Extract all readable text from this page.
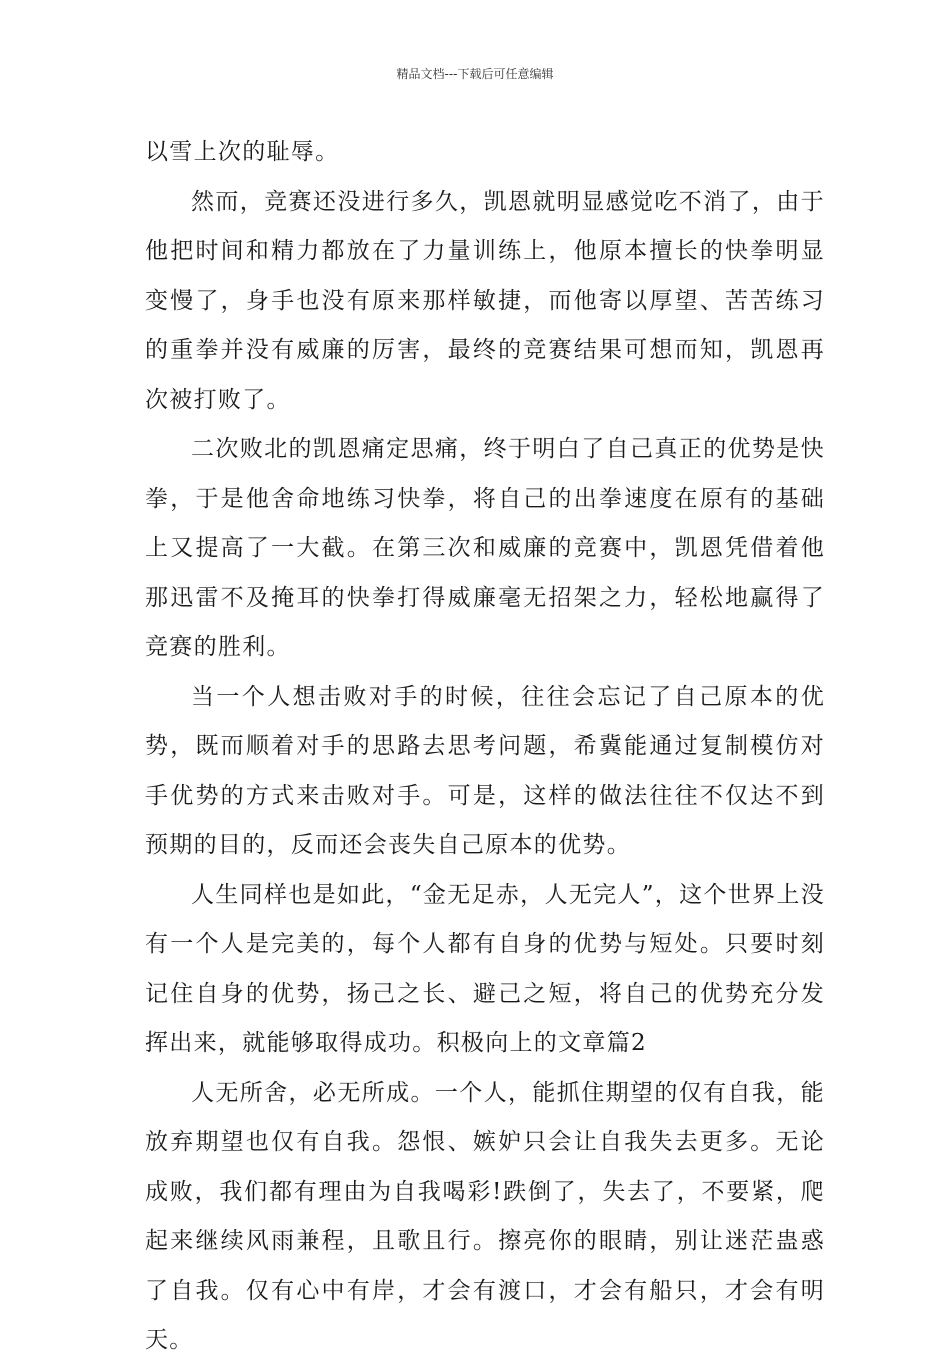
精品文档---下载后可任意编辑

以雪上次的耻辱。

然而，竞赛还没进行多久，凯恩就明显感觉吃不消了，由于他把时间和精力都放在了力量训练上，他原本擅长的快拳明显变慢了，身手也没有原来那样敏捷，而他寄以厚望、苦苦练习的重拳并没有威廉的厉害，最终的竞赛结果可想而知，凯恩再次被打败了。

二次败北的凯恩痛定思痛，终于明白了自己真正的优势是快拳，于是他舍命地练习快拳，将自己的出拳速度在原有的基础上又提高了一大截。在第三次和威廉的竞赛中，凯恩凭借着他那迅雷不及掩耳的快拳打得威廉毫无招架之力，轻松地赢得了竞赛的胜利。

当一个人想击败对手的时候，往往会忘记了自己原本的优势，既而顺着对手的思路去思考问题，希冀能通过复制模仿对手优势的方式来击败对手。可是，这样的做法往往不仅达不到预期的目的，反而还会丧失自己原本的优势。

人生同样也是如此，“金无足赤，人无完人”，这个世界上没有一个人是完美的，每个人都有自身的优势与短处。只要时刻记住自身的优势，扬己之长、避己之短，将自己的优势充分发挥出来，就能够取得成功。积极向上的文章篇2

人无所舍，必无所成。一个人，能抓住期望的仅有自我，能放弃期望也仅有自我。怨恨、嫉妒只会让自我失去更多。无论成败，我们都有理由为自我喝彩!跌倒了，失去了，不要紧，爬起来继续风雨兼程，且歌且行。擦亮你的眼睛，别让迷茫蛊惑了自我。仅有心中有岸，才会有渡口，才会有船只，才会有明天。
